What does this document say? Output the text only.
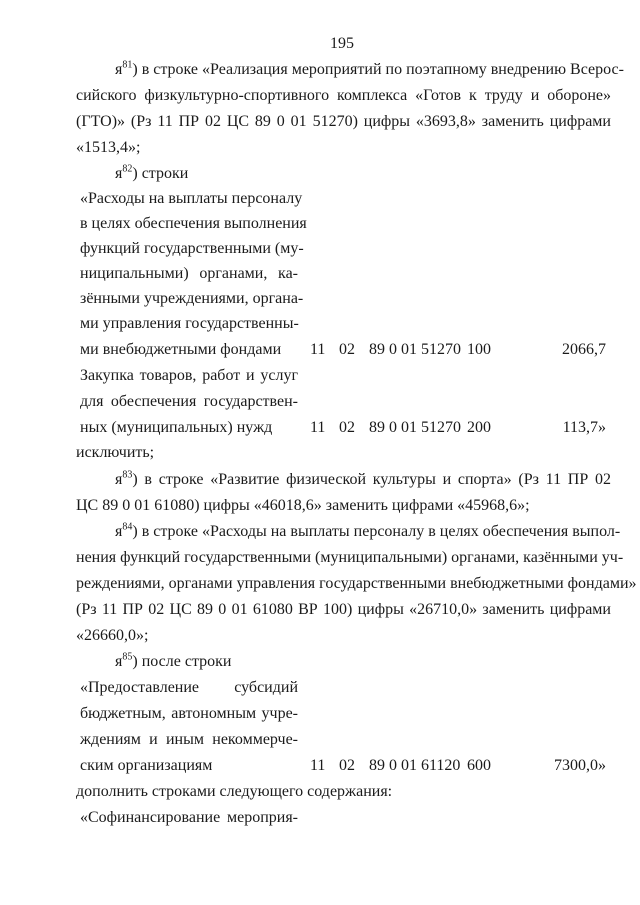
195
$я^{81}$) в строке «Реализация мероприятий по поэтапному внедрению Всерос-
сийского физкультурно-спортивного комплекса «Готов к труду и обороне»
(ГТО)» (Рз 11 ПР 02 ЦС 89 0 01 51270) цифры «3693,8» заменить цифрами
«1513,4»;
$я^{82}$) строки
«Расходы на выплаты персоналу
в целях обеспечения выполнения
функций государственными (му-
ниципальными) органами, ка-
зёнными учреждениями, органа-
ми управления государственны-
ми внебюджетными фондами 11 02 89 0 01 51270 100	2066,7
Закупка товаров, работ и услуг
для обеспечения государствен-
ных (муниципальных) нужд 11 02 89 0 01 51270 200	113,7»
исключить;
$я^{83}$) в строке «Развитие физической культуры и спорта» (Рз 11 ПР 02
ЦС 89 0 01 61080) цифры «46018,6» заменить цифрами «45968,6»;
$я^{84}$) в строке «Расходы на выплаты персоналу в целях обеспечения выпол-
нения функций государственными (муниципальными) органами, казёнными уч-
реждениями, органами управления государственными внебюджетными фондами»
(Рз 11 ПР 02 ЦС 89 0 01 61080 ВР 100) цифры «26710,0» заменить цифрами
«26660,0»;
$я^{85}$) после строки
«Предоставление субсидий
бюджетным, автономным учре-
ждениям и иным некоммерче-
ским организациям	11 02 89 0 01 61120 600	7300,0»
дополнить строками следующего содержания:
«Софинансирование мероприя-
